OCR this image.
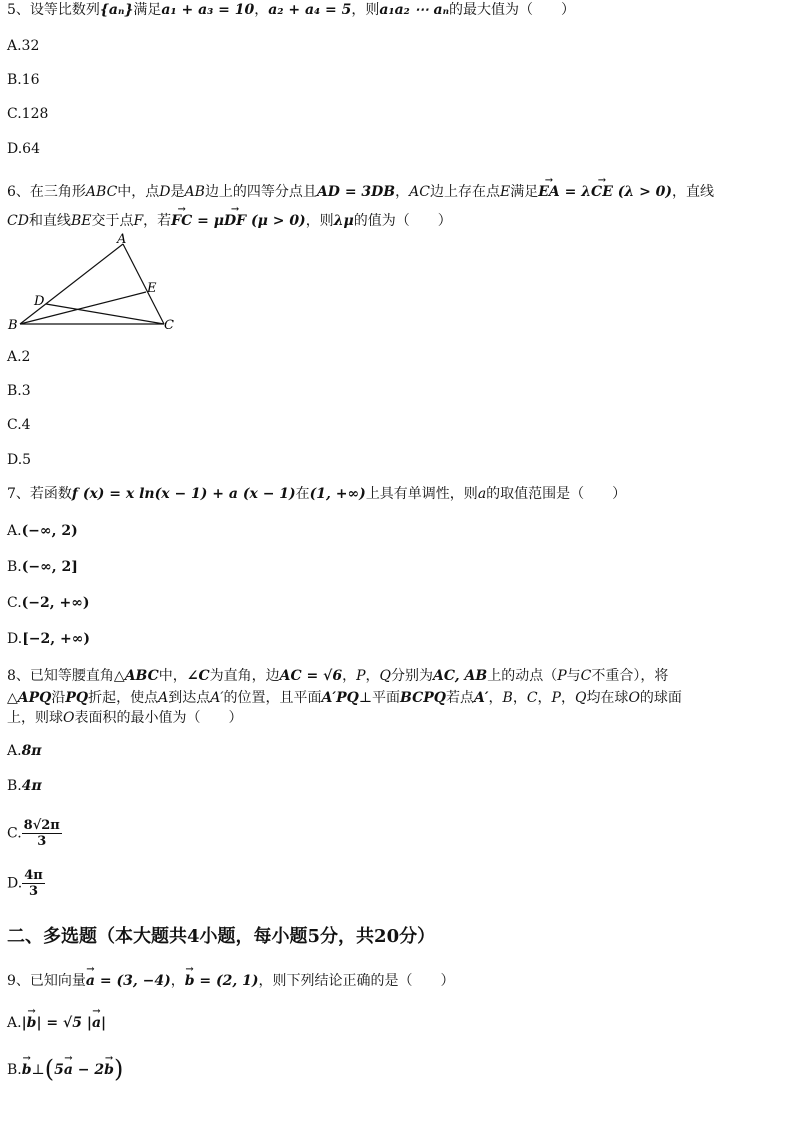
5、设等比数列{aₙ}满足a₁ + a₃ = 10，a₂ + a₄ = 5，则a₁a₂ ⋯ aₙ的最大值为（　　）
A.32
B.16
C.128
D.64
6、在三角形ABC中，点D是AB边上的四等分点且AD = 3DB，AC边上存在点E满足→ EA = λ→ CE (λ > 0)，直线
CD和直线BE交于点F，若→ FC = μ→ DF (μ > 0)，则λμ的值为（　　）
A
B	C
D
E
A.2
B.3
C.4
D.5
7、若函数f (x) = x ln(x − 1) + a (x − 1)在(1, +∞)上具有单调性，则a的取值范围是（　　）
A.(−∞, 2)
B.(−∞, 2]
C.(−2, +∞)
D.[−2, +∞)
8、已知等腰直角△ABC中，∠C为直角，边AC = √6，P，Q分别为AC, AB上的动点（P与C不重合），将
△APQ沿PQ折起，使点A到达点A′的位置，且平面A′PQ⊥平面BCPQ若点A′，B，C，P，Q均在球O的球面
上，则球O表面积的最小值为（　　）
A.8π
B.4π
C. $\frac{8√2\pi}{3}$
D. $\frac{4\pi}{3}$
二、多选题（本大题共4小题，每小题5分，共20分）
9、已知向量→ a = (3, −4)，→ b = (2, 1)，则下列结论正确的是（　　）
A.|→ b| = √5 |→ a|
B.→ b⊥(5→ a − 2→ b)
